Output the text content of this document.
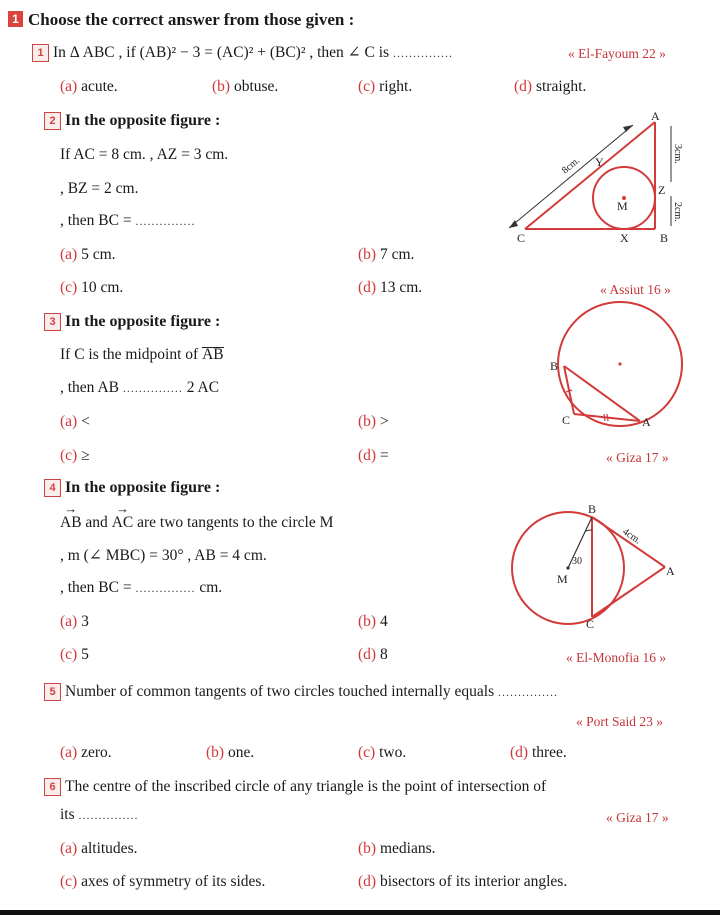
1 Choose the correct answer from those given :
1 In Δ ABC , if (AB)² − 3 = (AC)² + (BC)² , then ∠ C is ...............	« El-Fayoum 22 »
(a) acute.	(b) obtuse.	(c) right.	(d) straight.
2 In the opposite figure :
If AC = 8 cm. , AZ = 3 cm.
, BZ = 2 cm.
, then BC = ...............
(a) 5 cm.	(b) 7 cm.
(c) 10 cm.	(d) 13 cm.	« Assiut 16 »
A
B
C
M
X
Y
Z
8cm.
3cm.
2cm.
3 In the opposite figure :
If C is the midpoint of AB
, then AB ............... 2 AC
(a) <	(b) >
(c) ≥	(d) =	« Giza 17 »
B
C	A
4 In the opposite figure :
→ AB and → AC are two tangents to the circle M
, m (∠ MBC) = 30° , AB = 4 cm.
, then BC = ............... cm.
(a) 3	(b) 4
(c) 5	(d) 8	« El-Monofia 16 »
B
C
A
M
30
4cm.
5 Number of common tangents of two circles touched internally equals ...............
« Port Said 23 »
(a) zero.	(b) one.	(c) two.	(d) three.
6 The centre of the inscribed circle of any triangle is the point of intersection of
its ...............	« Giza 17 »
(a) altitudes.	(b) medians.
(c) axes of symmetry of its sides.	(d) bisectors of its interior angles.
